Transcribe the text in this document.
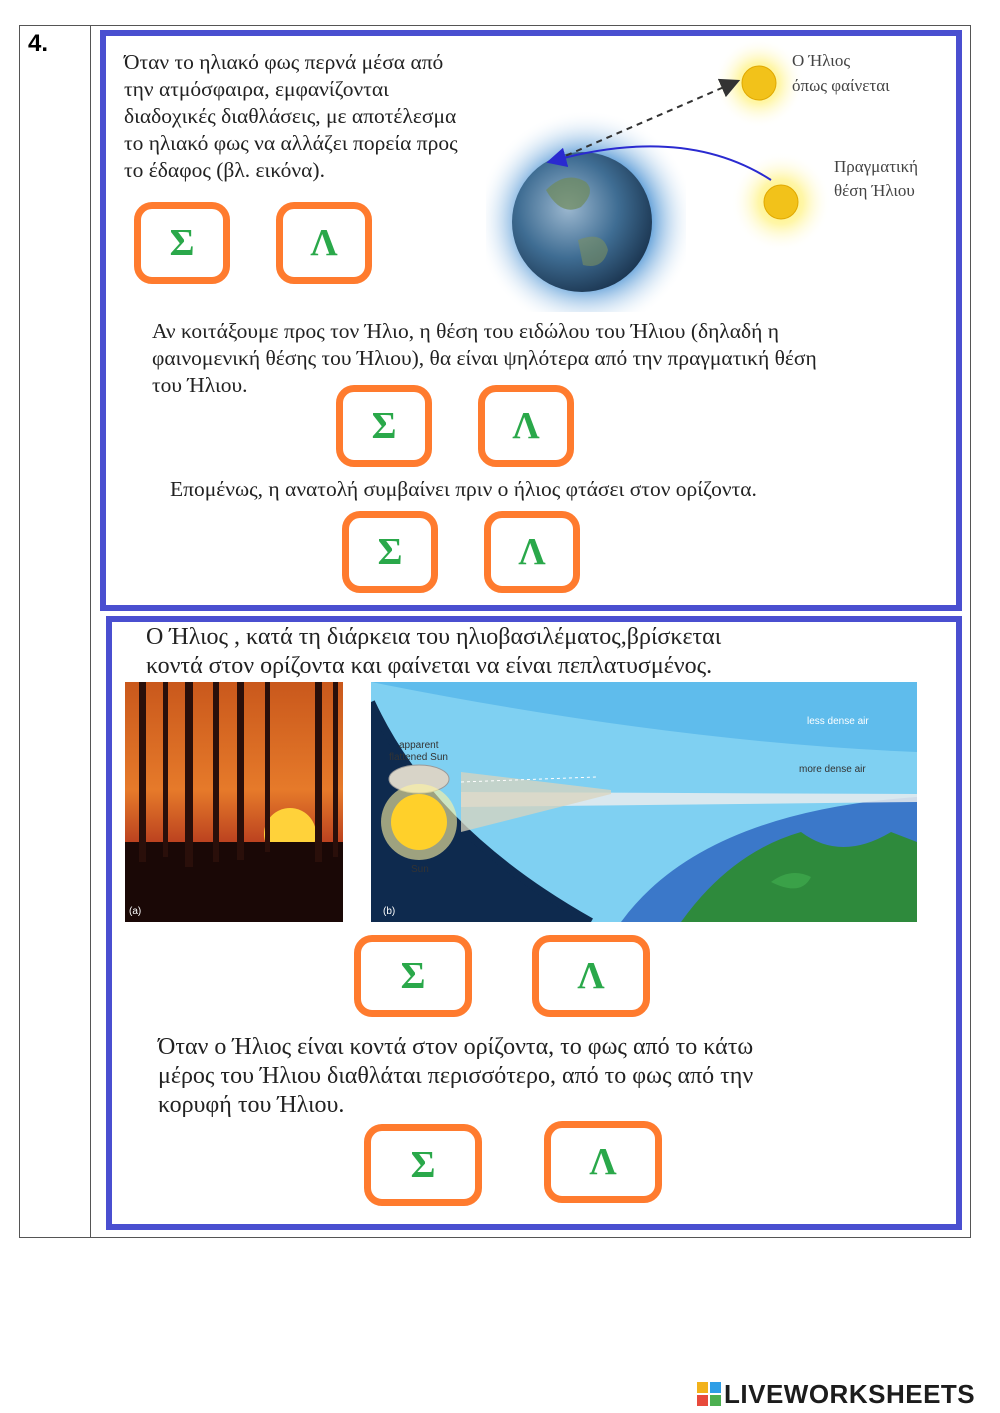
4.
Όταν το ηλιακό φως περνά μέσα από
την ατμόσφαιρα, εμφανίζονται
διαδοχικές διαθλάσεις, με αποτέλεσμα
το ηλιακό φως να αλλάζει πορεία προς
το έδαφος (βλ. εικόνα).
Ο Ήλιος
όπως φαίνεται
Πραγματική
θέση Ήλιου
Σ	Λ
Αν κοιτάξουμε προς τον Ήλιο, η θέση του ειδώλου του Ήλιου (δηλαδή η
φαινομενική θέσης του Ήλιου), θα είναι ψηλότερα από την πραγματική θέση
του Ήλιου.
Σ	Λ
Επομένως, η ανατολή συμβαίνει πριν ο ήλιος φτάσει στον ορίζοντα.
Σ	Λ
Ο Ήλιος , κατά τη διάρκεια του ηλιοβασιλέματος,βρίσκεται
κοντά στον ορίζοντα και φαίνεται να είναι πεπλατυσμένος.
(a)
apparent
flattened Sun
Sun
less dense air
more dense air
(b)
Σ	Λ
Όταν ο Ήλιος είναι κοντά στον ορίζοντα, το φως από το κάτω
μέρος του Ήλιου διαθλάται περισσότερο, από το φως από την
κορυφή του Ήλιου.
Σ	Λ
LIVEWORKSHEETS
